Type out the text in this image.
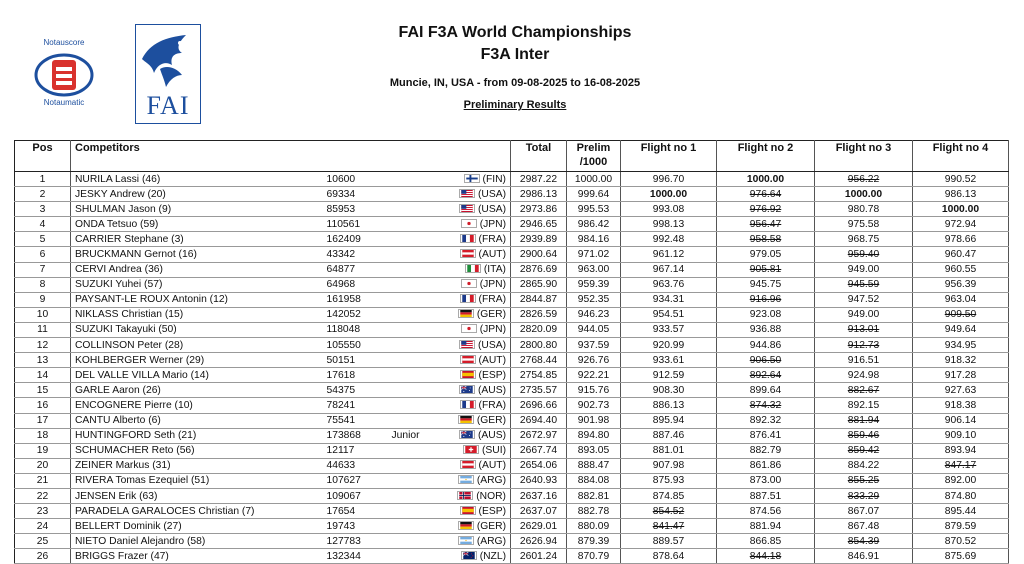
Notauscore
Notaumatic	FAI
FAI F3A World Championships
F3A Inter
Muncie, IN, USA - from 09-08-2025 to 16-08-2025
Preliminary Results
Pos	Competitors				Total	Prelim
/1000	Flight no 1	Flight no 2	Flight no 3	Flight no 4
1	NURILA Lassi (46)	10600		(FIN)	2987.22	1000.00	996.70	1000.00	956.22	990.52
2	JESKY Andrew (20)	69334		(USA)	2986.13	999.64	1000.00	976.64	1000.00	986.13
3	SHULMAN Jason (9)	85953		(USA)	2973.86	995.53	993.08	976.92	980.78	1000.00
4	ONDA Tetsuo (59)	110561		(JPN)	2946.65	986.42	998.13	956.47	975.58	972.94
5	CARRIER Stephane (3)	162409		(FRA)	2939.89	984.16	992.48	958.58	968.75	978.66
6	BRUCKMANN Gernot (16)	43342		(AUT)	2900.64	971.02	961.12	979.05	959.40	960.47
7	CERVI Andrea (36)	64877		(ITA)	2876.69	963.00	967.14	905.81	949.00	960.55
8	SUZUKI Yuhei (57)	64968		(JPN)	2865.90	959.39	963.76	945.75	945.59	956.39
9	PAYSANT-LE ROUX Antonin (12)	161958		(FRA)	2844.87	952.35	934.31	916.96	947.52	963.04
10	NIKLASS Christian (15)	142052		(GER)	2826.59	946.23	954.51	923.08	949.00	909.50
11	SUZUKI Takayuki (50)	118048		(JPN)	2820.09	944.05	933.57	936.88	913.01	949.64
12	COLLINSON Peter (28)	105550		(USA)	2800.80	937.59	920.99	944.86	912.73	934.95
13	KOHLBERGER Werner (29)	50151		(AUT)	2768.44	926.76	933.61	906.50	916.51	918.32
14	DEL VALLE VILLA Mario (14)	17618		(ESP)	2754.85	922.21	912.59	892.64	924.98	917.28
15	GARLE Aaron (26)	54375		(AUS)	2735.57	915.76	908.30	899.64	882.67	927.63
16	ENCOGNERE Pierre (10)	78241		(FRA)	2696.66	902.73	886.13	874.32	892.15	918.38
17	CANTU Alberto (6)	75541		(GER)	2694.40	901.98	895.94	892.32	881.94	906.14
18	HUNTINGFORD Seth (21)	173868	Junior	(AUS)	2672.97	894.80	887.46	876.41	859.46	909.10
19	SCHUMACHER Reto (56)	12117		(SUI)	2667.74	893.05	881.01	882.79	859.42	893.94
20	ZEINER Markus (31)	44633		(AUT)	2654.06	888.47	907.98	861.86	884.22	847.17
21	RIVERA Tomas Ezequiel (51)	107627		(ARG)	2640.93	884.08	875.93	873.00	855.25	892.00
22	JENSEN Erik (63)	109067		(NOR)	2637.16	882.81	874.85	887.51	833.29	874.80
23	PARADELA GARALOCES Christian (7)	17654		(ESP)	2637.07	882.78	854.52	874.56	867.07	895.44
24	BELLERT Dominik (27)	19743		(GER)	2629.01	880.09	841.47	881.94	867.48	879.59
25	NIETO Daniel Alejandro (58)	127783		(ARG)	2626.94	879.39	889.57	866.85	854.39	870.52
26	BRIGGS Frazer (47)	132344		(NZL)	2601.24	870.79	878.64	844.18	846.91	875.69
